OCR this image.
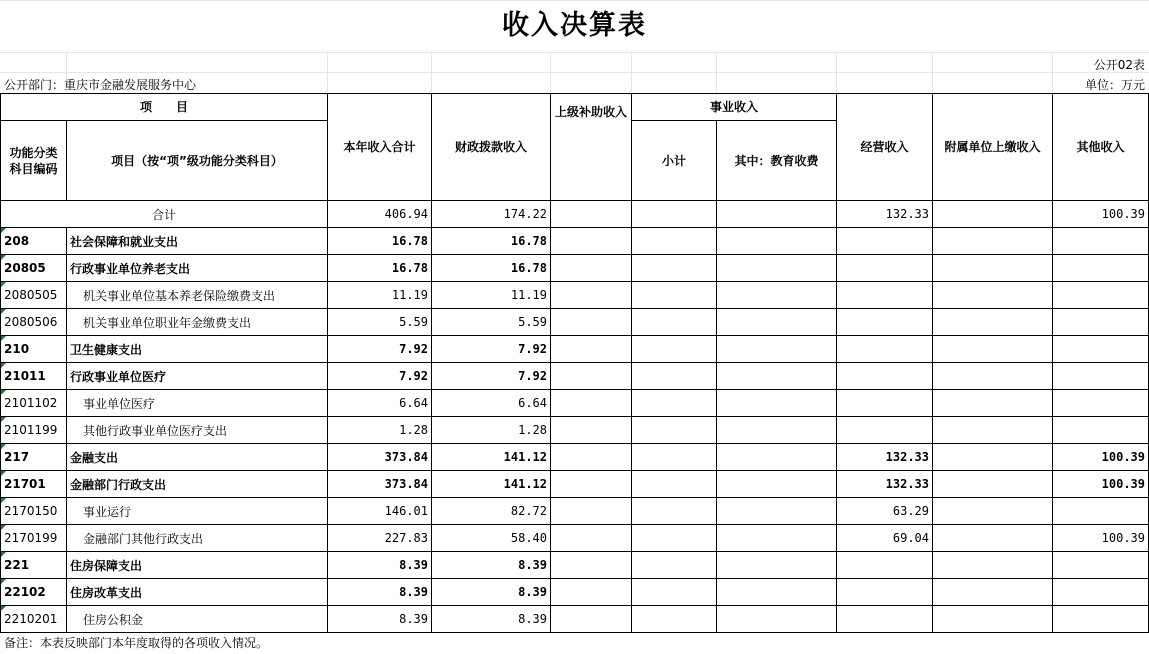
收入决算表
公开02表
公开部门：重庆市金融发展服务中心	单位：万元
项　　目		本年收入合计	财政拨款收入	上级补助收入	事业收入		经营收入	附属单位上缴收入	其他收入
功能分类科目编码	项目（按“项”级功能分类科目）				小计	其中：教育收费			
合计		406.94	174.22				132.33		100.39
208	社会保障和就业支出	16.78	16.78						
20805	行政事业单位养老支出	16.78	16.78						
2080505	机关事业单位基本养老保险缴费支出	11.19	11.19						
2080506	机关事业单位职业年金缴费支出	5.59	5.59						
210	卫生健康支出	7.92	7.92						
21011	行政事业单位医疗	7.92	7.92						
2101102	事业单位医疗	6.64	6.64						
2101199	其他行政事业单位医疗支出	1.28	1.28						
217	金融支出	373.84	141.12				132.33		100.39
21701	金融部门行政支出	373.84	141.12				132.33		100.39
2170150	事业运行	146.01	82.72				63.29		
2170199	金融部门其他行政支出	227.83	58.40				69.04		100.39
221	住房保障支出	8.39	8.39						
22102	住房改革支出	8.39	8.39						
2210201	住房公积金	8.39	8.39						
备注：本表反映部门本年度取得的各项收入情况。
